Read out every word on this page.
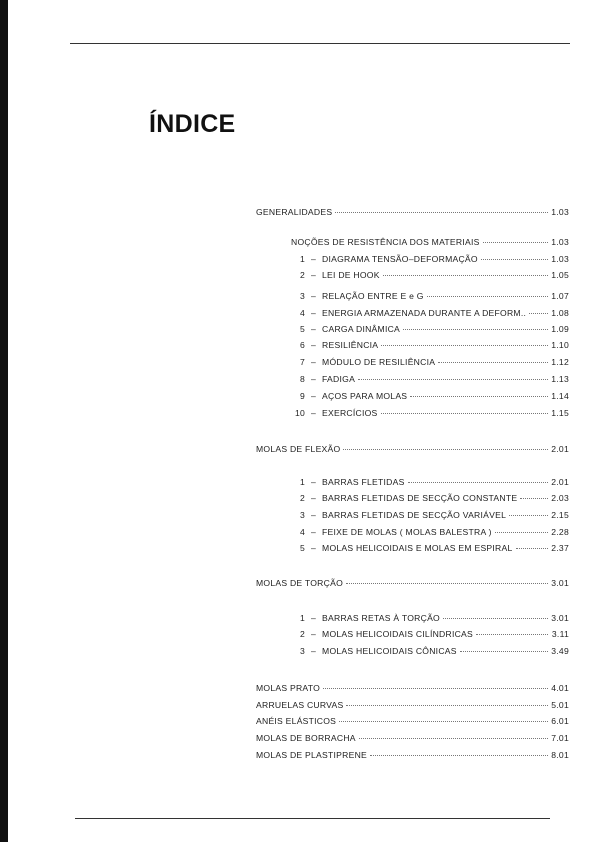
ÍNDICE
GENERALIDADES	1.03
NOÇÕES DE RESISTÊNCIA DOS MATERIAIS	1.03
1 – DIAGRAMA TENSÃO–DEFORMAÇÃO	1.03
2 – LEI DE HOOK	1.05
3 – RELAÇÃO ENTRE E e G	1.07
4 – ENERGIA ARMAZENADA DURANTE A DEFORM..	1.08
5 – CARGA DINÂMICA	1.09
6 – RESILIÊNCIA	1.10
7 – MÓDULO DE RESILIÊNCIA	1.12
8 – FADIGA	1.13
9 – AÇOS PARA MOLAS	1.14
10 – EXERCÍCIOS	1.15
MOLAS DE FLEXÃO	2.01
1 – BARRAS FLETIDAS	2.01
2 – BARRAS FLETIDAS DE SECÇÃO CONSTANTE	2.03
3 – BARRAS FLETIDAS DE SECÇÃO VARIÁVEL	2.15
4 – FEIXE DE MOLAS ( MOLAS BALESTRA )	2.28
5 – MOLAS HELICOIDAIS E MOLAS EM ESPIRAL	2.37
MOLAS DE TORÇÃO	3.01
1 – BARRAS RETAS À TORÇÃO	3.01
2 – MOLAS HELICOIDAIS CILÍNDRICAS	3.11
3 – MOLAS HELICOIDAIS CÔNICAS	3.49
MOLAS PRATO	4.01
ARRUELAS CURVAS	5.01
ANÉIS ELÁSTICOS	6.01
MOLAS DE BORRACHA	7.01
MOLAS DE PLASTIPRENE	8.01
